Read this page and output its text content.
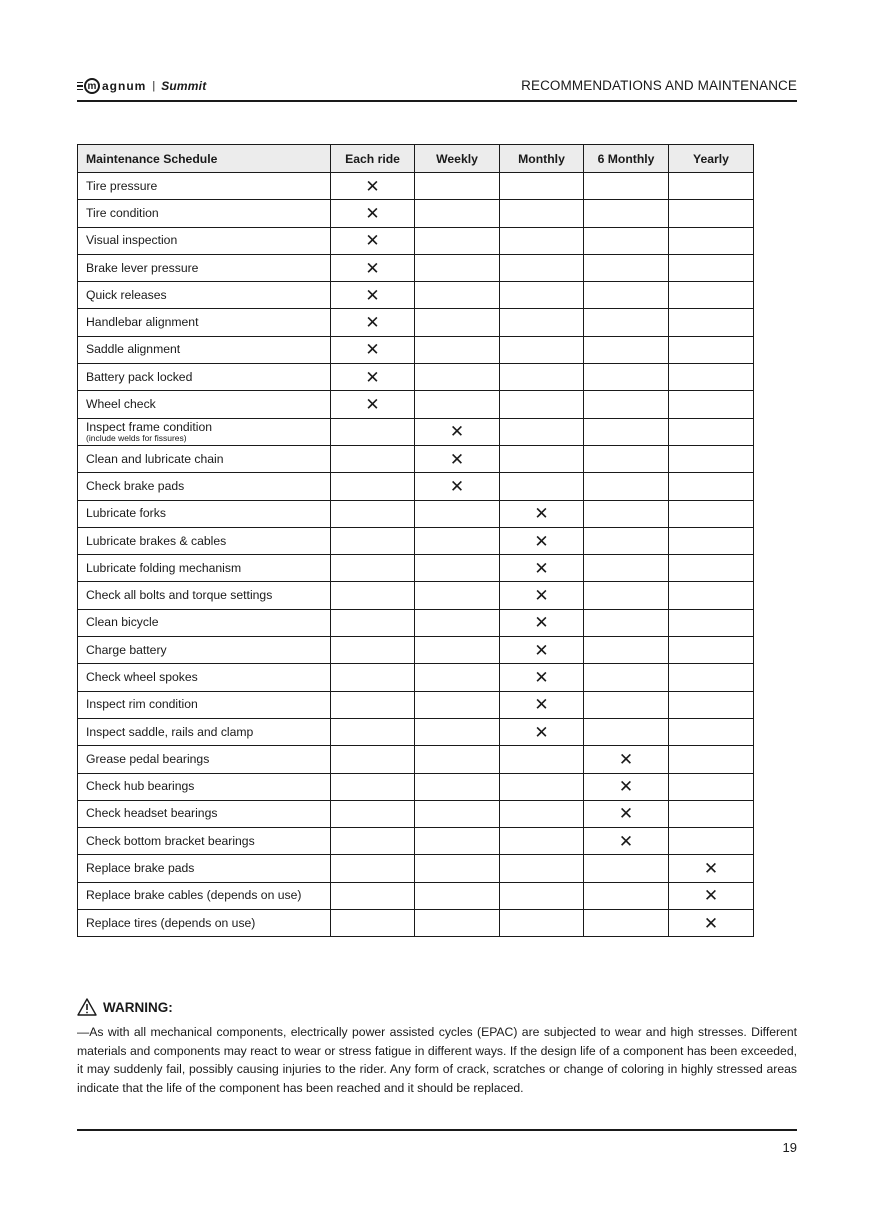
m agnum | Summit	RECOMMENDATIONS AND MAINTENANCE
Maintenance Schedule	Each ride	Weekly	Monthly	6 Monthly	Yearly

Tire pressure	✕				

Tire condition	✕				

Visual inspection	✕				

Brake lever pressure	✕				

Quick releases	✕				

Handlebar alignment	✕				

Saddle alignment	✕				

Battery pack locked	✕				

Wheel check	✕				

Inspect frame condition
(include welds for fissures)		✕			

Clean and lubricate chain		✕			

Check brake pads		✕			

Lubricate forks			✕		

Lubricate brakes & cables			✕		

Lubricate folding mechanism			✕		

Check all bolts and torque settings			✕		

Clean bicycle			✕		

Charge battery			✕		

Check wheel spokes			✕		

Inspect rim condition			✕		

Inspect saddle, rails and clamp			✕		

Grease pedal bearings				✕	

Check hub bearings				✕	

Check headset bearings				✕	

Check bottom bracket bearings				✕	

Replace brake pads					✕

Replace brake cables (depends on use)					✕

Replace tires (depends on use)					✕
WARNING:
—As with all mechanical components, electrically power assisted cycles (EPAC) are subjected to wear and high stresses. Different materials and components may react to wear or stress fatigue in different ways. If the design life of a component has been exceeded, it may suddenly fail, possibly causing injuries to the rider. Any form of crack, scratches or change of coloring in highly stressed areas indicate that the life of the component has been reached and it should be replaced.
19
